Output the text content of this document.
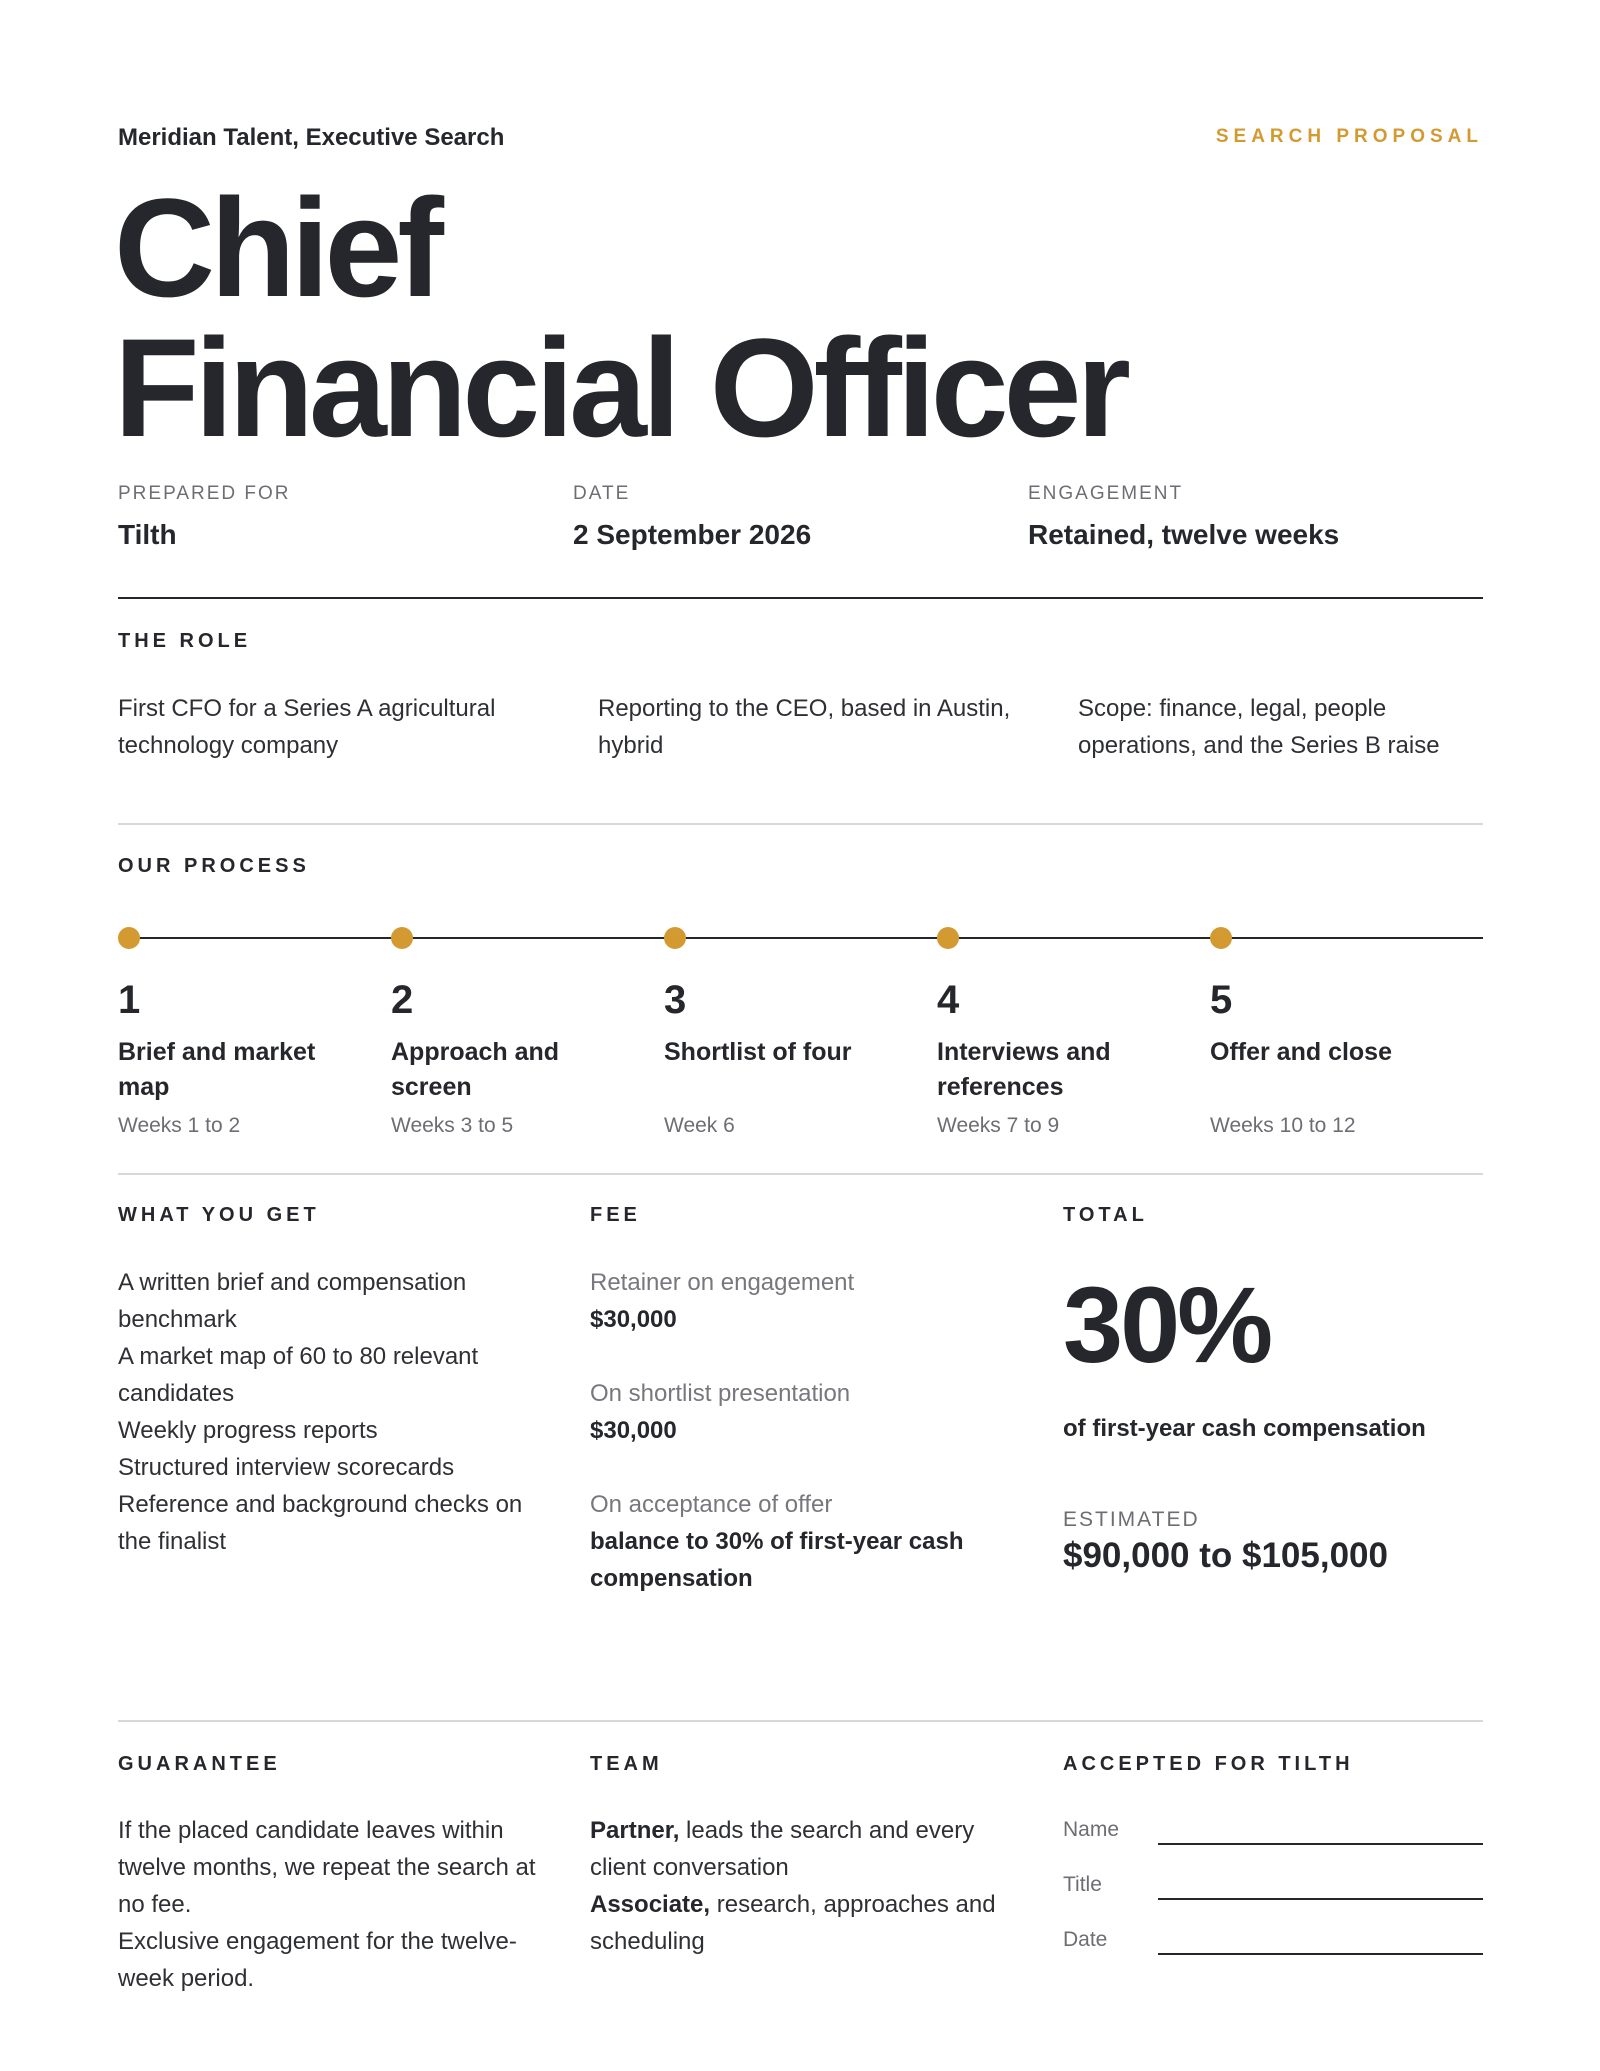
Meridian Talent, Executive Search	SEARCH PROPOSAL
Chief
Financial Officer
PREPARED FOR
Tilth
DATE
2 September 2026
ENGAGEMENT
Retained, twelve weeks
THE ROLE
First CFO for a Series A agricultural technology company
Reporting to the CEO, based in Austin, hybrid
Scope: finance, legal, people operations, and the Series B raise
OUR PROCESS
1
Brief and market map
Weeks 1 to 2
2
Approach and screen
Weeks 3 to 5
3
Shortlist of four
Week 6
4
Interviews and references
Weeks 7 to 9
5
Offer and close
Weeks 10 to 12
WHAT YOU GET	FEE	TOTAL
A written brief and compensation benchmark
A market map of 60 to 80 relevant candidates
Weekly progress reports
Structured interview scorecards
Reference and background checks on the finalist
Retainer on engagement
$30,000
On shortlist presentation
$30,000
On acceptance of offer
balance to 30% of first-year cash compensation
30%
of first-year cash compensation
ESTIMATED
$90,000 to $105,000
GUARANTEE	TEAM	ACCEPTED FOR TILTH
If the placed candidate leaves within twelve months, we repeat the search at no fee.
Exclusive engagement for the twelve-week period.
Partner, leads the search and every client conversation
Associate, research, approaches and scheduling
Name
Title
Date
